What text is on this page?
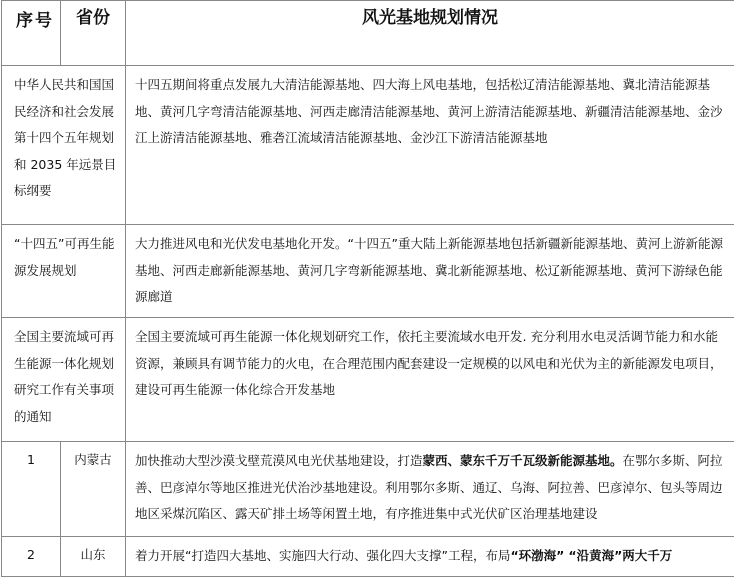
序号	省份	风光基地规划情况
中华人民共和国国民经济和社会发展第十四个五年规划和 2035 年远景目标纲要		十四五期间将重点发展九大清洁能源基地、四大海上风电基地，包括松辽清洁能源基地、冀北清洁能源基地、黄河几字弯清洁能源基地、河西走廊清洁能源基地、黄河上游清洁能源基地、新疆清洁能源基地、金沙江上游清洁能源基地、雅砻江流域清洁能源基地、金沙江下游清洁能源基地
“十四五”可再生能源发展规划		大力推进风电和光伏发电基地化开发。“十四五”重大陆上新能源基地包括新疆新能源基地、黄河上游新能源基地、河西走廊新能源基地、黄河几字弯新能源基地、冀北新能源基地、松辽新能源基地、黄河下游绿色能源廊道
全国主要流域可再生能源一体化规划研究工作有关事项的通知		全国主要流域可再生能源一体化规划研究工作，依托主要流域水电开发. 充分利用水电灵活调节能力和水能资源，兼顾具有调节能力的火电，在合理范围内配套建设一定规模的以风电和光伏为主的新能源发电项目，建设可再生能源一体化综合开发基地
1	内蒙古	加快推动大型沙漠戈壁荒漠风电光伏基地建设，打造蒙西、蒙东千万千瓦级新能源基地。在鄂尔多斯、阿拉善、巴彦淖尔等地区推进光伏治沙基地建设。利用鄂尔多斯、通辽、乌海、阿拉善、巴彦淖尔、包头等周边地区采煤沉陷区、露天矿排土场等闲置土地，有序推进集中式光伏矿区治理基地建设
2	山东	着力开展“打造四大基地、实施四大行动、强化四大支撑”工程，布局“环渤海” “沿黄海”两大千万
